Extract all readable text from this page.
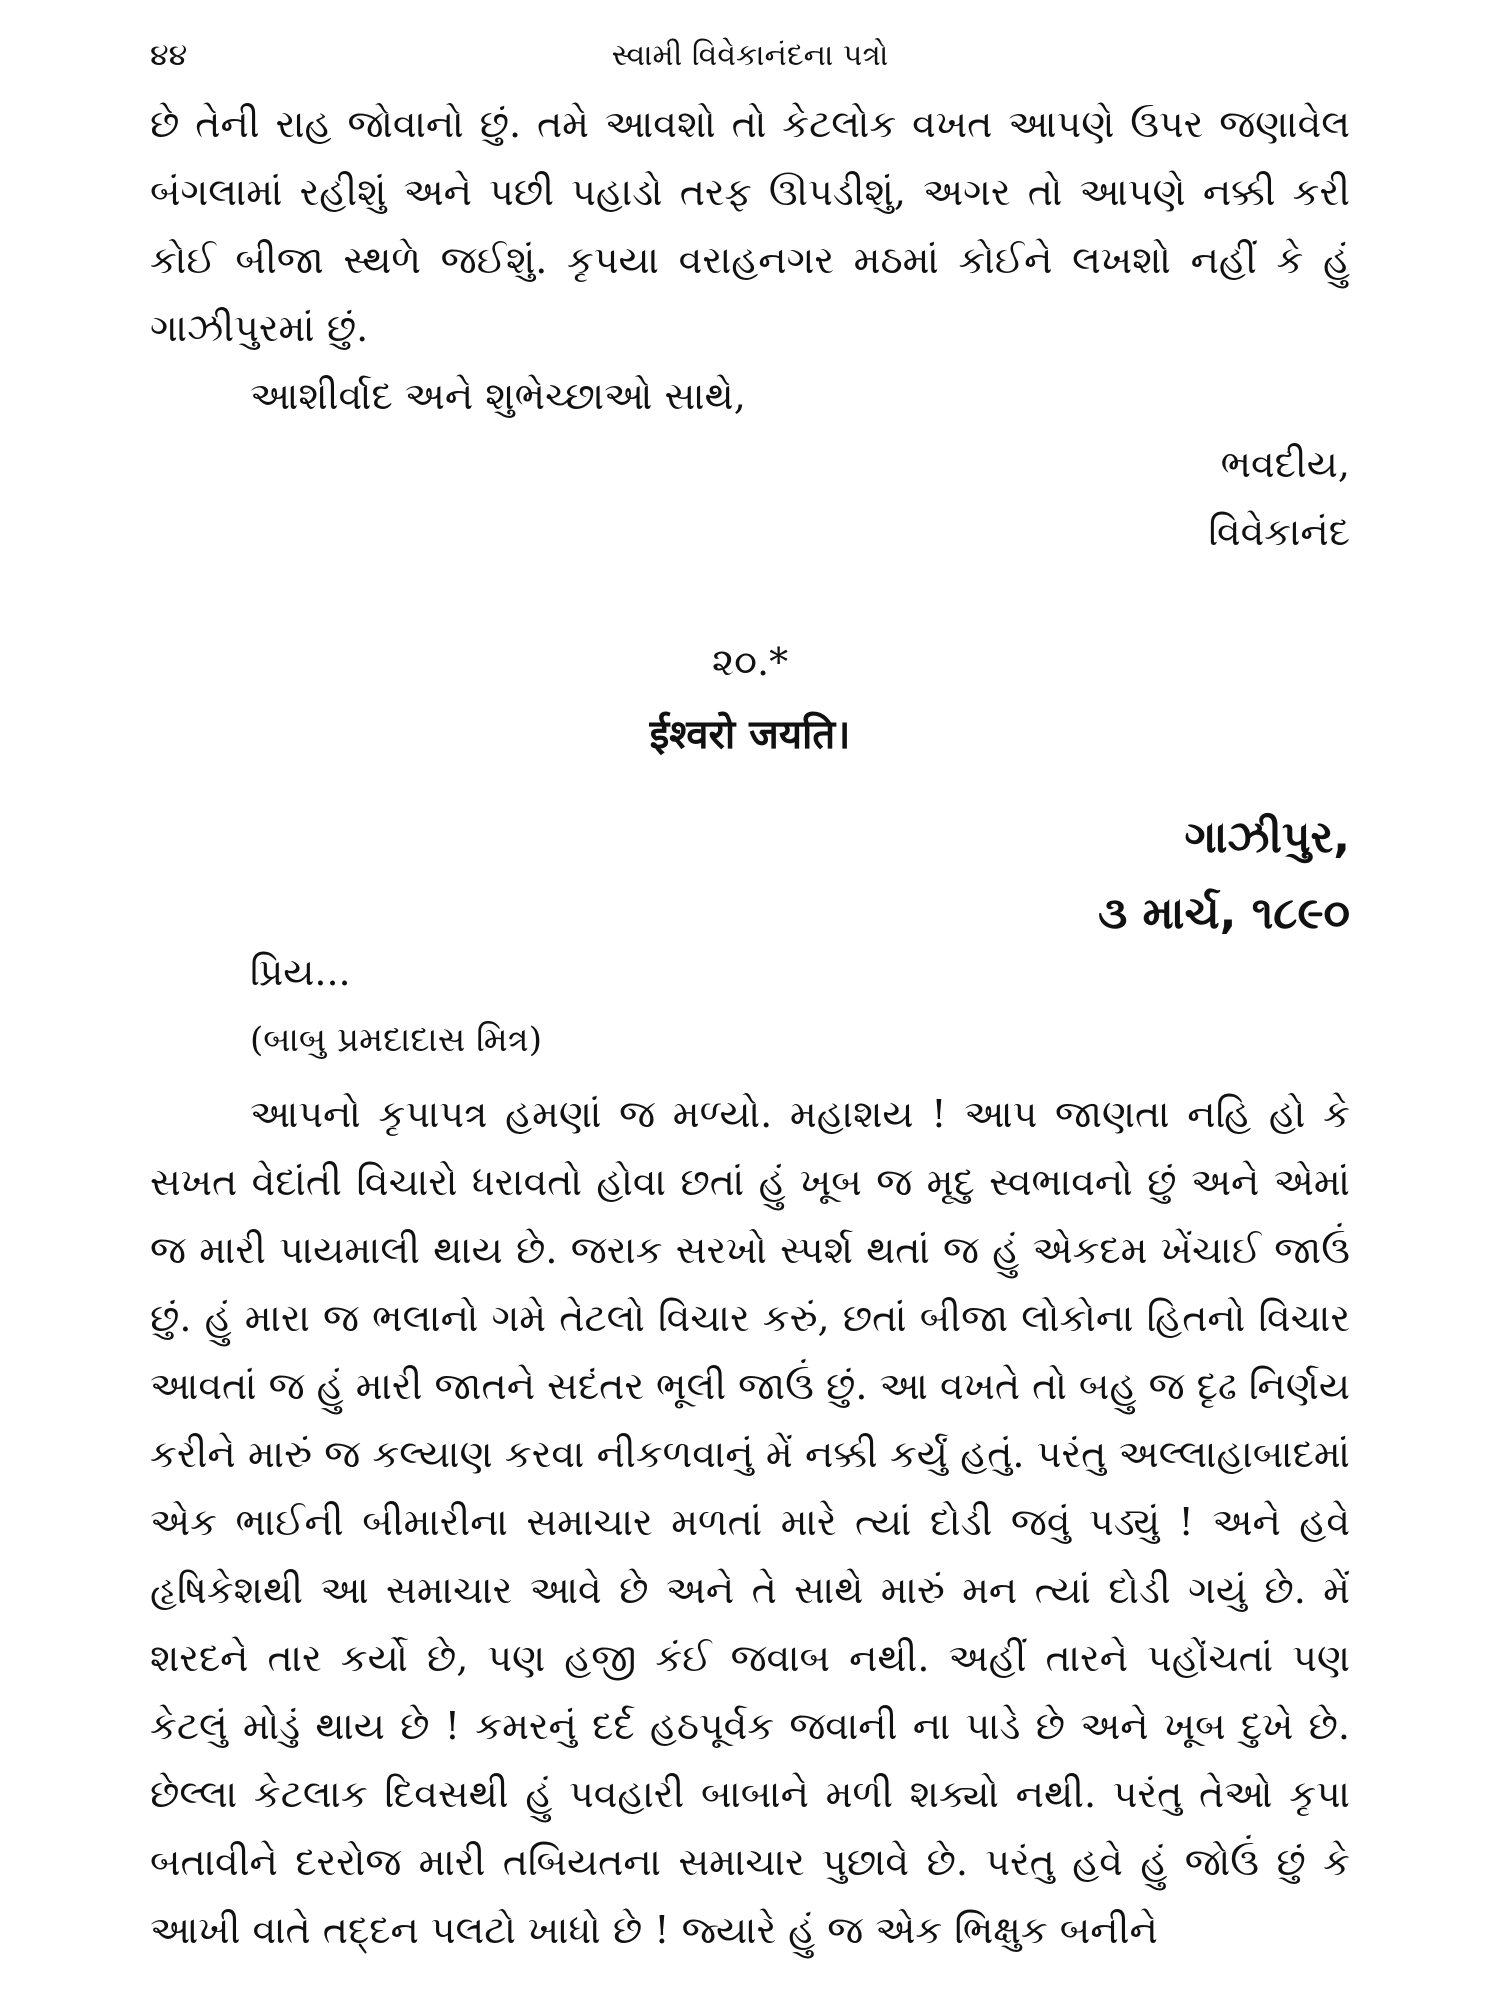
૪૪	સ્વામી વિવેકાનંદના પત્રો

છે તેની રાહ જોવાનો છું. તમે આવશો તો કેટલોક વખત આપણે ઉપર જણાવેલ બંગલામાં રહીશું અને પછી પહાડો તરફ ઊપડીશું, અગર તો આપણે નક્કી કરી કોઈ બીજા સ્થળે જઈશું. કૃપયા વરાહનગર મઠમાં કોઈને લખશો નહીં કે હું ગાઝીપુરમાં છું.

આશીર્વાદ અને શુભેચ્છાઓ સાથે,

ભવદીય,
વિવેકાનંદ
૨૦.*
ईश्वरो जयति।
ગાઝીપુર,
૩ માર્ચ, ૧૮૯૦
પ્રિય...
(બાબુ પ્રમદાદાસ મિત્ર)

આપનો કૃપાપત્ર હમણાં જ મળ્યો. મહાશય ! આપ જાણતા નહિ હો કે સખત વેદાંતી વિચારો ધરાવતો હોવા છતાં હું ખૂબ જ મૃદુ સ્વભાવનો છું અને એમાં જ મારી પાયમાલી થાય છે. જરાક સરખો સ્પર્શ થતાં જ હું એકદમ ખેંચાઈ જાઉં છું. હું મારા જ ભલાનો ગમે તેટલો વિચાર કરું, છતાં બીજા લોકોના હિતનો વિચાર આવતાં જ હું મારી જાતને સદંતર ભૂલી જાઉં છું. આ વખતે તો બહુ જ દૃઢ નિર્ણય કરીને મારું જ કલ્યાણ કરવા નીકળવાનું મેં નક્કી કર્યું હતું. પરંતુ અલ્લાહાબાદમાં એક ભાઈની બીમારીના સમાચાર મળતાં મારે ત્યાં દોડી જવું પડ્યું ! અને હવે હૃષિકેશથી આ સમાચાર આવે છે અને તે સાથે મારું મન ત્યાં દોડી ગયું છે. મેં શરદને તાર કર્યો છે, પણ હજી કંઈ જવાબ નથી. અહીં તારને પહોંચતાં પણ કેટલું મોડું થાય છે ! કમરનું દર્દ હઠપૂર્વક જવાની ના પાડે છે અને ખૂબ દુખે છે. છેલ્લા કેટલાક દિવસથી હું પવહારી બાબાને મળી શક્યો નથી. પરંતુ તેઓ કૃપા બતાવીને દરરોજ મારી તબિયતના સમાચાર પુછાવે છે. પરંતુ હવે હું જોઉં છું કે આખી વાતે તદ્દન પલટો ખાધો છે ! જ્યારે હું જ એક ભિક્ષુક બનીને
